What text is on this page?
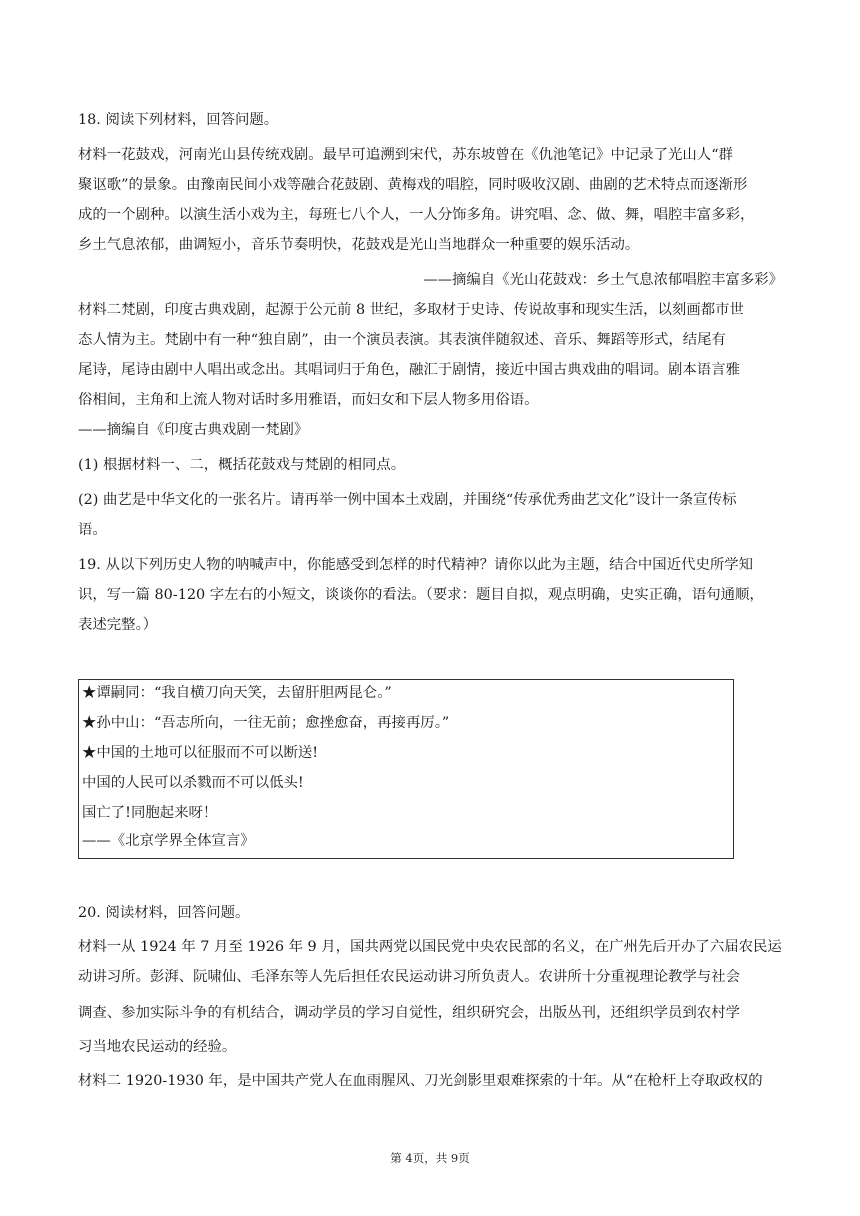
18. 阅读下列材料，回答问题。
材料一花鼓戏，河南光山县传统戏剧。最早可追溯到宋代，苏东坡曾在《仇池笔记》中记录了光山人“群
聚讴歌”的景象。由豫南民间小戏等融合花鼓剧、黄梅戏的唱腔，同时吸收汉剧、曲剧的艺术特点而逐渐形
成的一个剧种。以演生活小戏为主，每班七八个人，一人分饰多角。讲究唱、念、做、舞，唱腔丰富多彩，
乡土气息浓郁，曲调短小，音乐节奏明快，花鼓戏是光山当地群众一种重要的娱乐活动。
——摘编自《光山花鼓戏：乡土气息浓郁唱腔丰富多彩》
材料二梵剧，印度古典戏剧，起源于公元前 8 世纪，多取材于史诗、传说故事和现实生活，以刻画都市世
态人情为主。梵剧中有一种“独自剧”，由一个演员表演。其表演伴随叙述、音乐、舞蹈等形式，结尾有
尾诗，尾诗由剧中人唱出或念出。其唱词归于角色，融汇于剧情，接近中国古典戏曲的唱词。剧本语言雅
俗相间，主角和上流人物对话时多用雅语，而妇女和下层人物多用俗语。
——摘编自《印度古典戏剧一梵剧》
(1) 根据材料一、二，概括花鼓戏与梵剧的相同点。
(2) 曲艺是中华文化的一张名片。请再举一例中国本土戏剧，并围绕“传承优秀曲艺文化”设计一条宣传标
语。
19. 从以下列历史人物的呐喊声中，你能感受到怎样的时代精神？请你以此为主题，结合中国近代史所学知
识，写一篇 80-120 字左右的小短文，谈谈你的看法。（要求：题目自拟，观点明确，史实正确，语句通顺，
表述完整。）
★谭嗣同：“我自横刀向天笑，去留肝胆两昆仑。”
★孙中山：“吾志所向，一往无前；愈挫愈奋，再接再厉。”
★中国的土地可以征服而不可以断送!
中国的人民可以杀戮而不可以低头!
国亡了!同胞起来呀！
——《北京学界全体宣言》
20. 阅读材料，回答问题。
材料一从 1924 年 7 月至 1926 年 9 月，国共两党以国民党中央农民部的名义，在广州先后开办了六届农民运
动讲习所。彭湃、阮啸仙、毛泽东等人先后担任农民运动讲习所负责人。农讲所十分重视理论教学与社会
调查、参加实际斗争的有机结合，调动学员的学习自觉性，组织研究会，出版丛刊，还组织学员到农村学
习当地农民运动的经验。
材料二 1920-1930 年，是中国共产党人在血雨腥风、刀光剑影里艰难探索的十年。从“在枪杆上夺取政权的
第 4页，共 9页
